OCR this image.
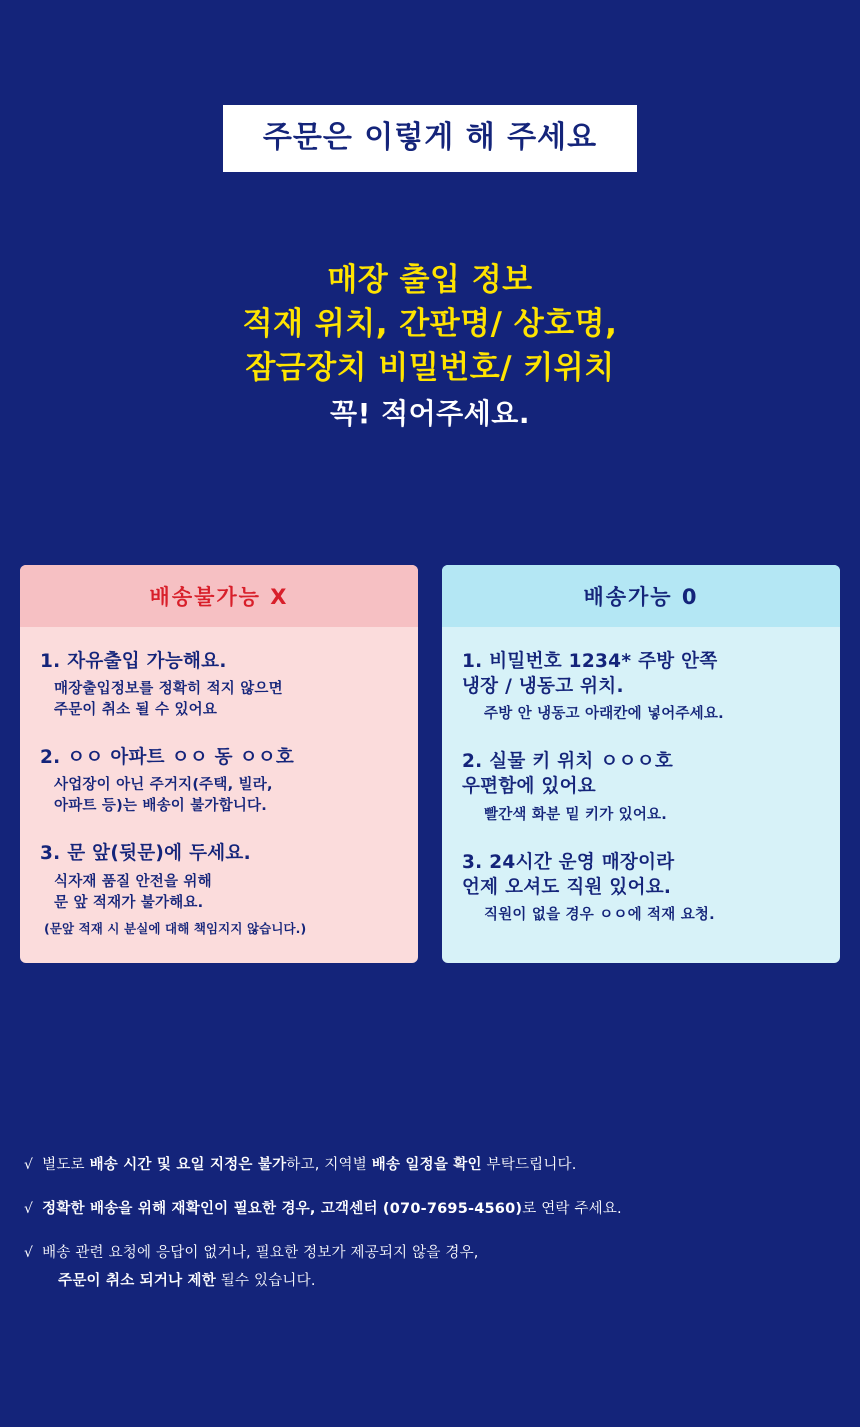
주문은 이렇게 해 주세요
매장 출입 정보
적재 위치, 간판명/ 상호명,
잠금장치 비밀번호/ 키위치
꼭! 적어주세요.
배송불가능 X
1. 자유출입 가능해요.
매장출입정보를 정확히 적지 않으면
주문이 취소 될 수 있어요
2. ㅇㅇ 아파트 ㅇㅇ 동 ㅇㅇ호
사업장이 아닌 주거지(주택, 빌라,
아파트 등)는 배송이 불가합니다.
3. 문 앞(뒷문)에 두세요.
식자재 품질 안전을 위해
문 앞 적재가 불가해요.
(문앞 적재 시 분실에 대해 책임지지 않습니다.)
배송가능 0
1. 비밀번호 1234* 주방 안쪽
냉장 / 냉동고 위치.
주방 안 냉동고 아래칸에 넣어주세요.
2. 실물 키 위치 ㅇㅇㅇ호
우편함에 있어요
빨간색 화분 밑 키가 있어요.
3. 24시간 운영 매장이라
언제 오셔도 직원 있어요.
직원이 없을 경우 ㅇㅇ에 적재 요청.
√ 별도로 배송 시간 및 요일 지정은 불가하고, 지역별 배송 일정을 확인 부탁드립니다.
√ 정확한 배송을 위해 재확인이 필요한 경우, 고객센터 (070-7695-4560)로 연락 주세요.
√ 배송 관련 요청에 응답이 없거나, 필요한 정보가 제공되지 않을 경우,
주문이 취소 되거나 제한 될수 있습니다.
